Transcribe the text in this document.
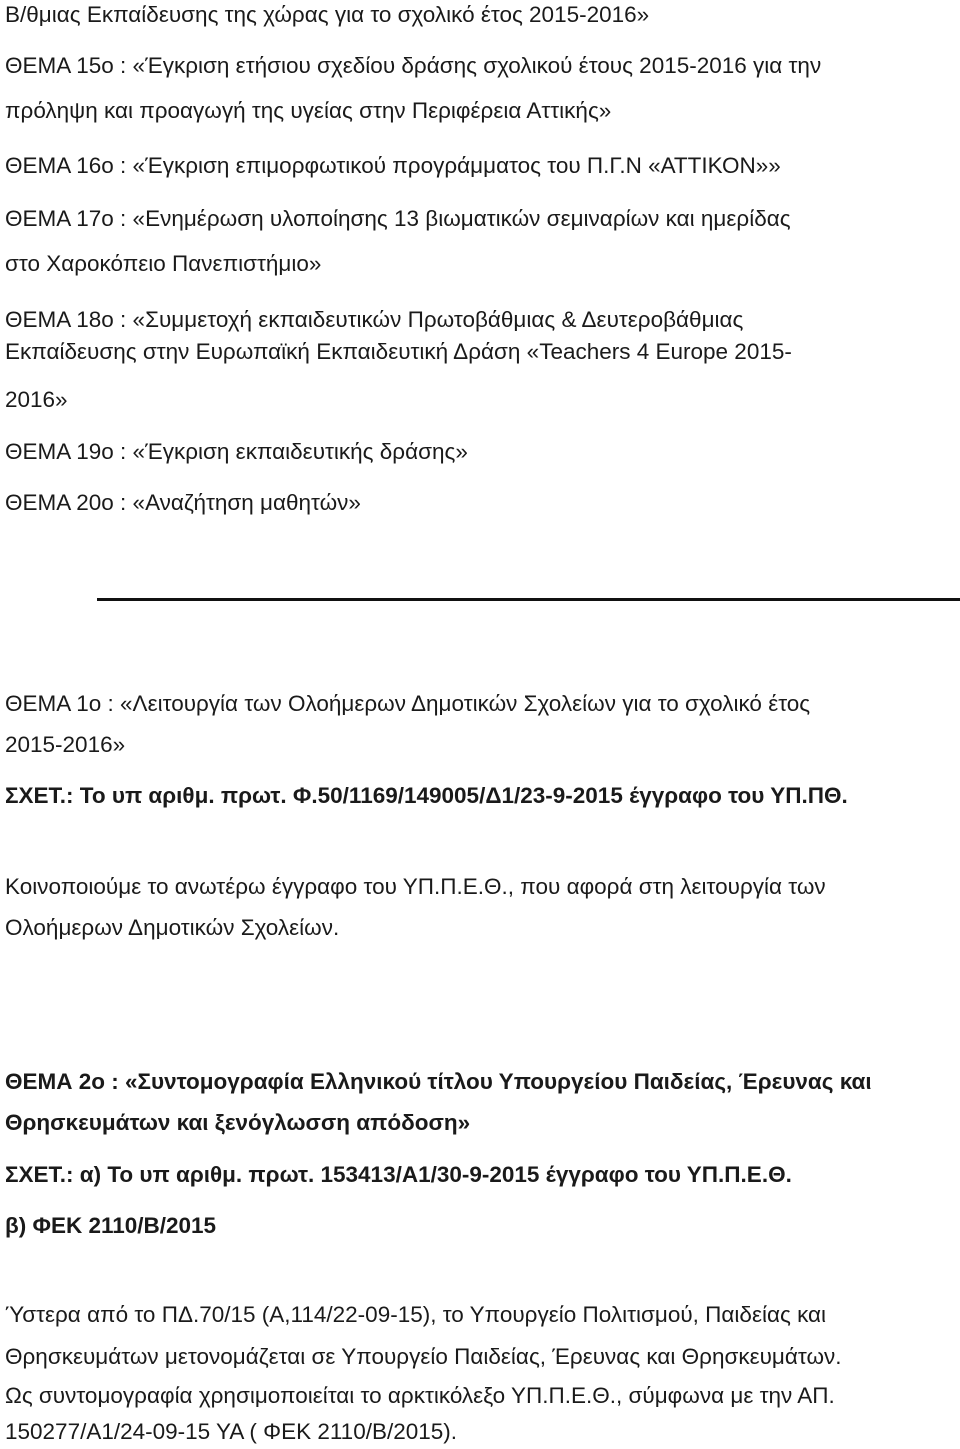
Β/θμιας Εκπαίδευσης της χώρας για το σχολικό έτος 2015-2016»
ΘΕΜΑ 15ο : «Έγκριση ετήσιου σχεδίου δράσης σχολικού έτους 2015-2016 για την
πρόληψη και προαγωγή της υγείας στην Περιφέρεια Αττικής»
ΘΕΜΑ 16ο : «Έγκριση επιμορφωτικού προγράμματος του Π.Γ.Ν «ΑΤΤΙΚΟΝ»»
ΘΕΜΑ 17ο : «Ενημέρωση υλοποίησης 13 βιωματικών σεμιναρίων και ημερίδας
στο Χαροκόπειο Πανεπιστήμιο»
ΘΕΜΑ 18ο : «Συμμετοχή εκπαιδευτικών Πρωτοβάθμιας & Δευτεροβάθμιας
Εκπαίδευσης στην Ευρωπαϊκή Εκπαιδευτική Δράση «Teachers 4 Europe 2015-
2016»
ΘΕΜΑ 19ο : «Έγκριση εκπαιδευτικής δράσης»
ΘΕΜΑ 20ο : «Αναζήτηση μαθητών»
ΘΕΜΑ 1ο : «Λειτουργία των Ολοήμερων Δημοτικών Σχολείων για το σχολικό έτος
2015-2016»
ΣΧΕΤ.: Το υπ αριθμ. πρωτ. Φ.50/1169/149005/Δ1/23-9-2015 έγγραφο του ΥΠ.ΠΘ.
Κοινοποιούμε το ανωτέρω έγγραφο του ΥΠ.Π.Ε.Θ., που αφορά στη λειτουργία των
Ολοήμερων Δημοτικών Σχολείων.
ΘΕΜΑ 2ο : «Συντομογραφία Ελληνικού τίτλου Υπουργείου Παιδείας, Έρευνας και
Θρησκευμάτων και ξενόγλωσση απόδοση»
ΣΧΕΤ.: α) Το υπ αριθμ. πρωτ. 153413/Α1/30-9-2015 έγγραφο του ΥΠ.Π.Ε.Θ.
β) ΦΕΚ 2110/Β/2015
Ύστερα από το ΠΔ.70/15 (Α,114/22-09-15), το Υπουργείο Πολιτισμού, Παιδείας και
Θρησκευμάτων μετονομάζεται σε Υπουργείο Παιδείας, Έρευνας και Θρησκευμάτων.
Ως συντομογραφία χρησιμοποιείται το αρκτικόλεξο ΥΠ.Π.Ε.Θ., σύμφωνα με την ΑΠ.
150277/Α1/24-09-15 ΥΑ ( ΦΕΚ 2110/Β/2015).
